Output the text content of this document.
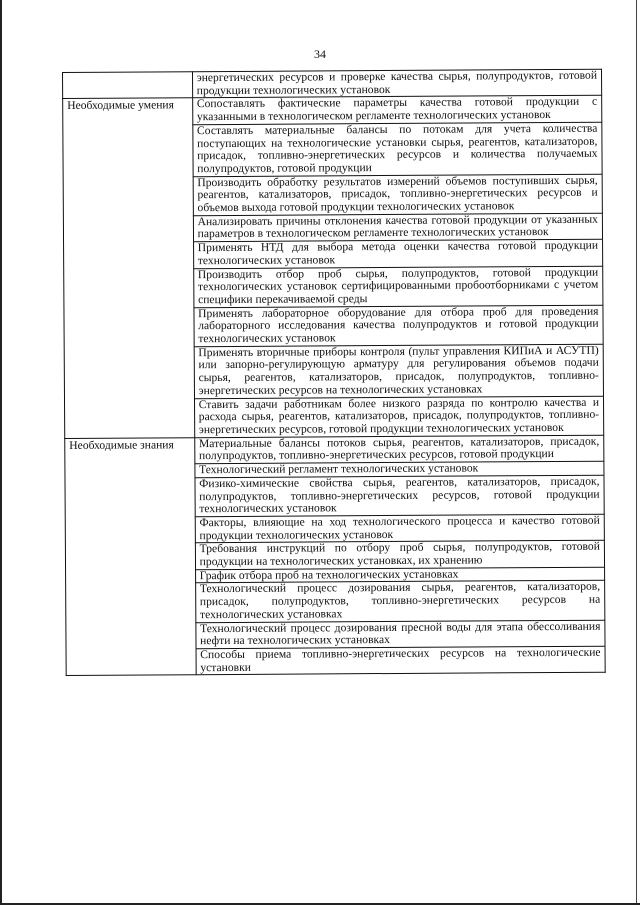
34

	энергетических ресурсов и проверке качества сырья, полупродуктов, готовой продукции технологических установок

Необходимые умения	Сопоставлять фактические параметры качества готовой продукции с указанными в технологическом регламенте технологических установок

	Составлять материальные балансы по потокам для учета количества поступающих на технологические установки сырья, реагентов, катализаторов, присадок, топливно-энергетических ресурсов и количества получаемых полупродуктов, готовой продукции

	Производить обработку результатов измерений объемов поступивших сырья, реагентов, катализаторов, присадок, топливно-энергетических ресурсов и объемов выхода готовой продукции технологических установок

	Анализировать причины отклонения качества готовой продукции от указанных параметров в технологическом регламенте технологических установок

	Применять НТД для выбора метода оценки качества готовой продукции технологических установок

	Производить отбор проб сырья, полупродуктов, готовой продукции технологических установок сертифицированными пробоотборниками с учетом специфики перекачиваемой среды

	Применять лабораторное оборудование для отбора проб для проведения лабораторного исследования качества полупродуктов и готовой продукции технологических установок

	Применять вторичные приборы контроля (пульт управления КИПиА и АСУТП) или запорно-регулирующую арматуру для регулирования объемов подачи сырья, реагентов, катализаторов, присадок, полупродуктов, топливно-энергетических ресурсов на технологических установках

	Ставить задачи работникам более низкого разряда по контролю качества и расхода сырья, реагентов, катализаторов, присадок, полупродуктов, топливно-энергетических ресурсов, готовой продукции технологических установок

Необходимые знания	Материальные балансы потоков сырья, реагентов, катализаторов, присадок, полупродуктов, топливно-энергетических ресурсов, готовой продукции

	Технологический регламент технологических установок

	Физико-химические свойства сырья, реагентов, катализаторов, присадок, полупродуктов, топливно-энергетических ресурсов, готовой продукции технологических установок

	Факторы, влияющие на ход технологического процесса и качество готовой продукции технологических установок

	Требования инструкций по отбору проб сырья, полупродуктов, готовой продукции на технологических установках, их хранению

	График отбора проб на технологических установках

	Технологический процесс дозирования сырья, реагентов, катализаторов, присадок, полупродуктов, топливно-энергетических ресурсов на технологических установках

	Технологический процесс дозирования пресной воды для этапа обессоливания нефти на технологических установках

	Способы приема топливно-энергетических ресурсов на технологические установки
